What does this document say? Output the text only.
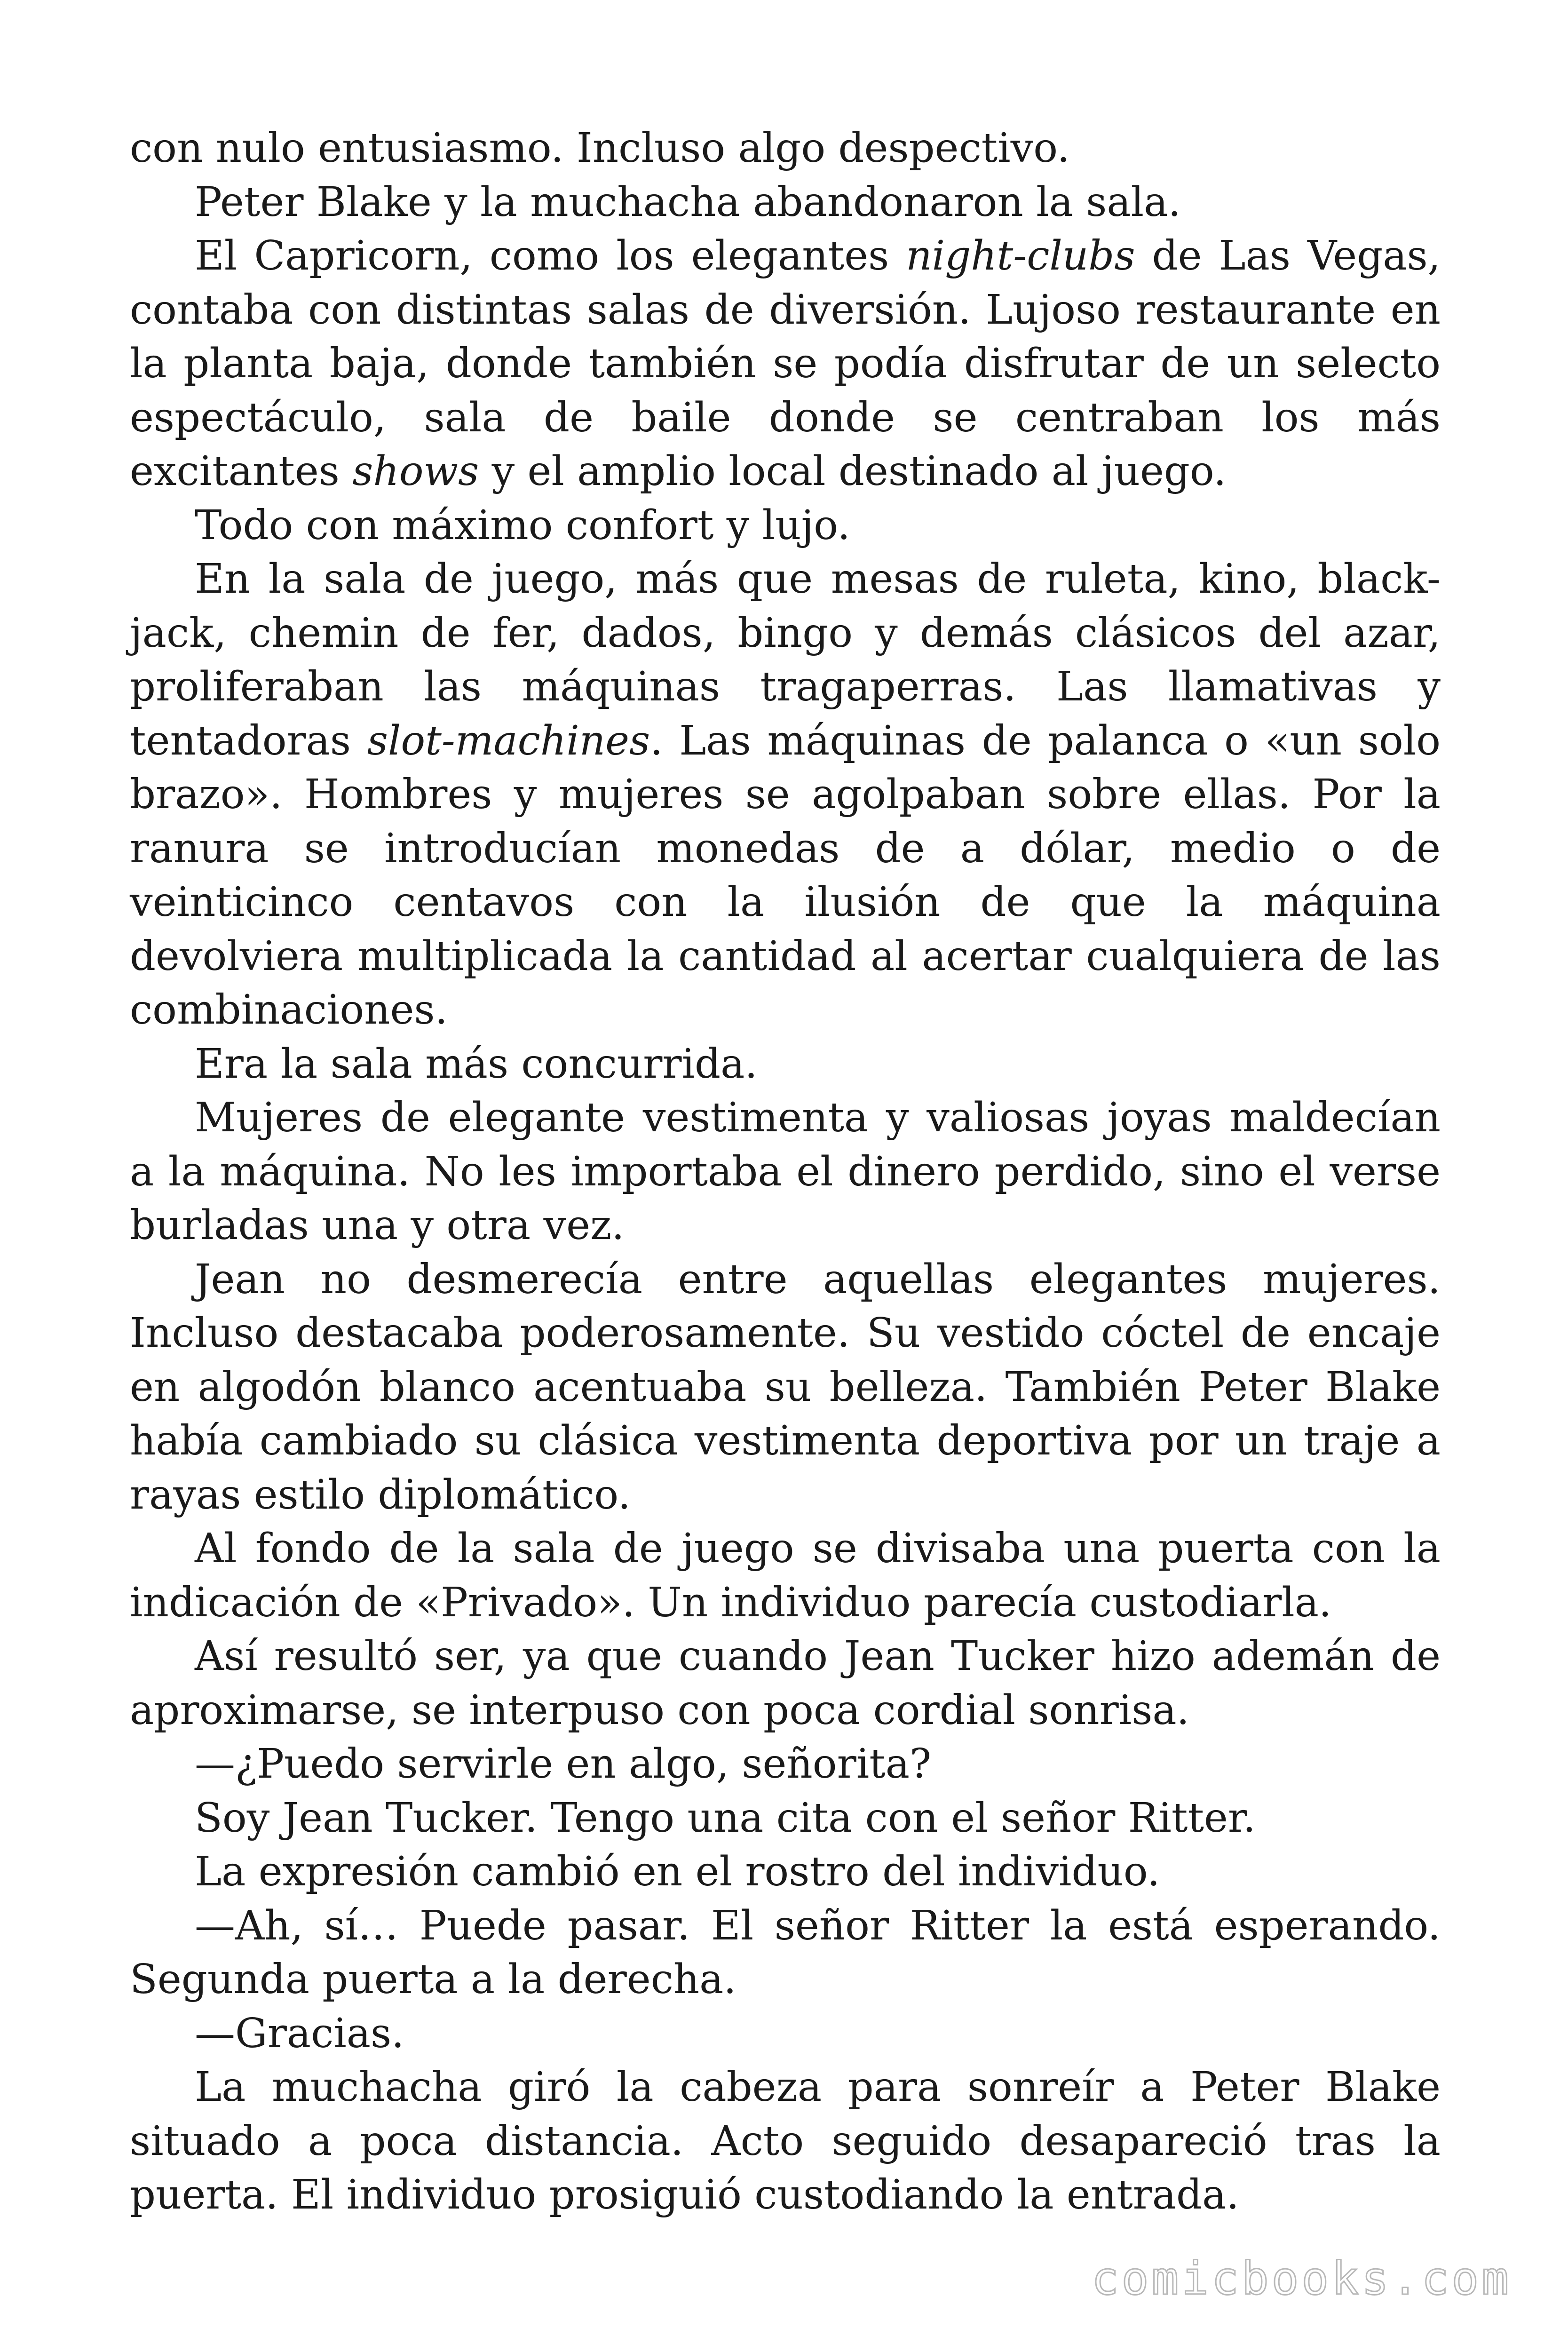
con nulo entusiasmo. Incluso algo despectivo.

Peter Blake y la muchacha abandonaron la sala.

El Capricorn, como los elegantes night-clubs de Las Vegas, contaba con distintas salas de diversión. Lujoso restaurante en la planta baja, donde también se podía disfrutar de un selecto espectáculo, sala de baile donde se centraban los más excitantes shows y el amplio local destinado al juego.

Todo con máximo confort y lujo.

En la sala de juego, más que mesas de ruleta, kino, black-jack, chemin de fer, dados, bingo y demás clásicos del azar, proliferaban las máquinas tragaperras. Las llamativas y tentadoras slot-machines. Las máquinas de palanca o «un solo brazo». Hombres y mujeres se agolpaban sobre ellas. Por la ranura se introducían monedas de a dólar, medio o de veinticinco centavos con la ilusión de que la máquina devolviera multiplicada la cantidad al acertar cualquiera de las combinaciones.

Era la sala más concurrida.

Mujeres de elegante vestimenta y valiosas joyas maldecían a la máquina. No les importaba el dinero perdido, sino el verse burladas una y otra vez.

Jean no desmerecía entre aquellas elegantes mujeres. Incluso destacaba poderosamente. Su vestido cóctel de encaje en algodón blanco acentuaba su belleza. También Peter Blake había cambiado su clásica vestimenta deportiva por un traje a rayas estilo diplomático.

Al fondo de la sala de juego se divisaba una puerta con la indicación de «Privado». Un individuo parecía custodiarla.

Así resultó ser, ya que cuando Jean Tucker hizo ademán de aproximarse, se interpuso con poca cordial sonrisa.

—¿Puedo servirle en algo, señorita?

Soy Jean Tucker. Tengo una cita con el señor Ritter.

La expresión cambió en el rostro del individuo.

—Ah, sí… Puede pasar. El señor Ritter la está esperando. Segunda puerta a la derecha.

—Gracias.

La muchacha giró la cabeza para sonreír a Peter Blake situado a poca distancia. Acto seguido desapareció tras la puerta. El individuo prosiguió custodiando la entrada.

comicbooks.com
